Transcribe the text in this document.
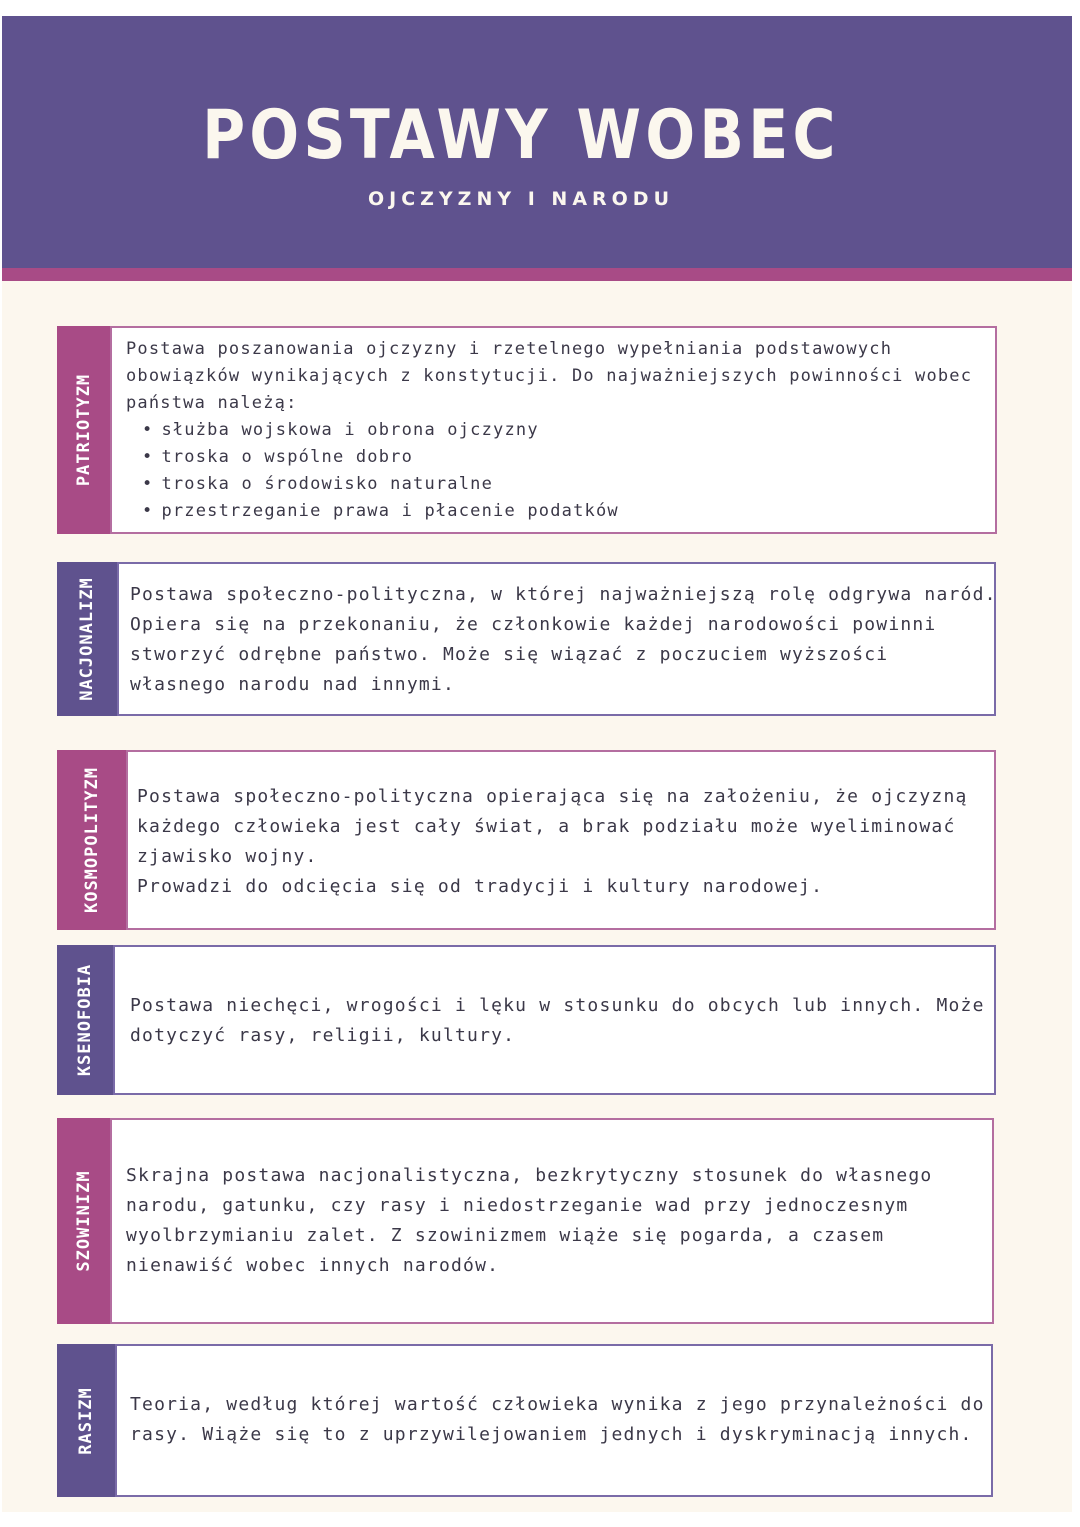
POSTAWY WOBEC
OJCZYZNY I NARODU
PATRIOTYZM
Postawa poszanowania ojczyzny i rzetelnego wypełniania podstawowych
obowiązków wynikających z konstytucji. Do najważniejszych powinności wobec
państwa należą:
• służba wojskowa i obrona ojczyzny
• troska o wspólne dobro
• troska o środowisko naturalne
• przestrzeganie prawa i płacenie podatków
NACJONALIZM Postawa społeczno-polityczna, w której najważniejszą rolę odgrywa naród.
Opiera się na przekonaniu, że członkowie każdej narodowości powinni
stworzyć odrębne państwo. Może się wiązać z poczuciem wyższości
własnego narodu nad innymi.
KOSMOPOLITYZM Postawa społeczno-polityczna opierająca się na założeniu, że ojczyzną
każdego człowieka jest cały świat, a brak podziału może wyeliminować
zjawisko wojny.
Prowadzi do odcięcia się od tradycji i kultury narodowej.
KSENOFOBIA Postawa niechęci, wrogości i lęku w stosunku do obcych lub innych. Może
dotyczyć rasy, religii, kultury.
SZOWINIZM Skrajna postawa nacjonalistyczna, bezkrytyczny stosunek do własnego
narodu, gatunku, czy rasy i niedostrzeganie wad przy jednoczesnym
wyolbrzymianiu zalet. Z szowinizmem wiąże się pogarda, a czasem
nienawiść wobec innych narodów.
RASIZM Teoria, według której wartość człowieka wynika z jego przynależności do
rasy. Wiąże się to z uprzywilejowaniem jednych i dyskryminacją innych.
